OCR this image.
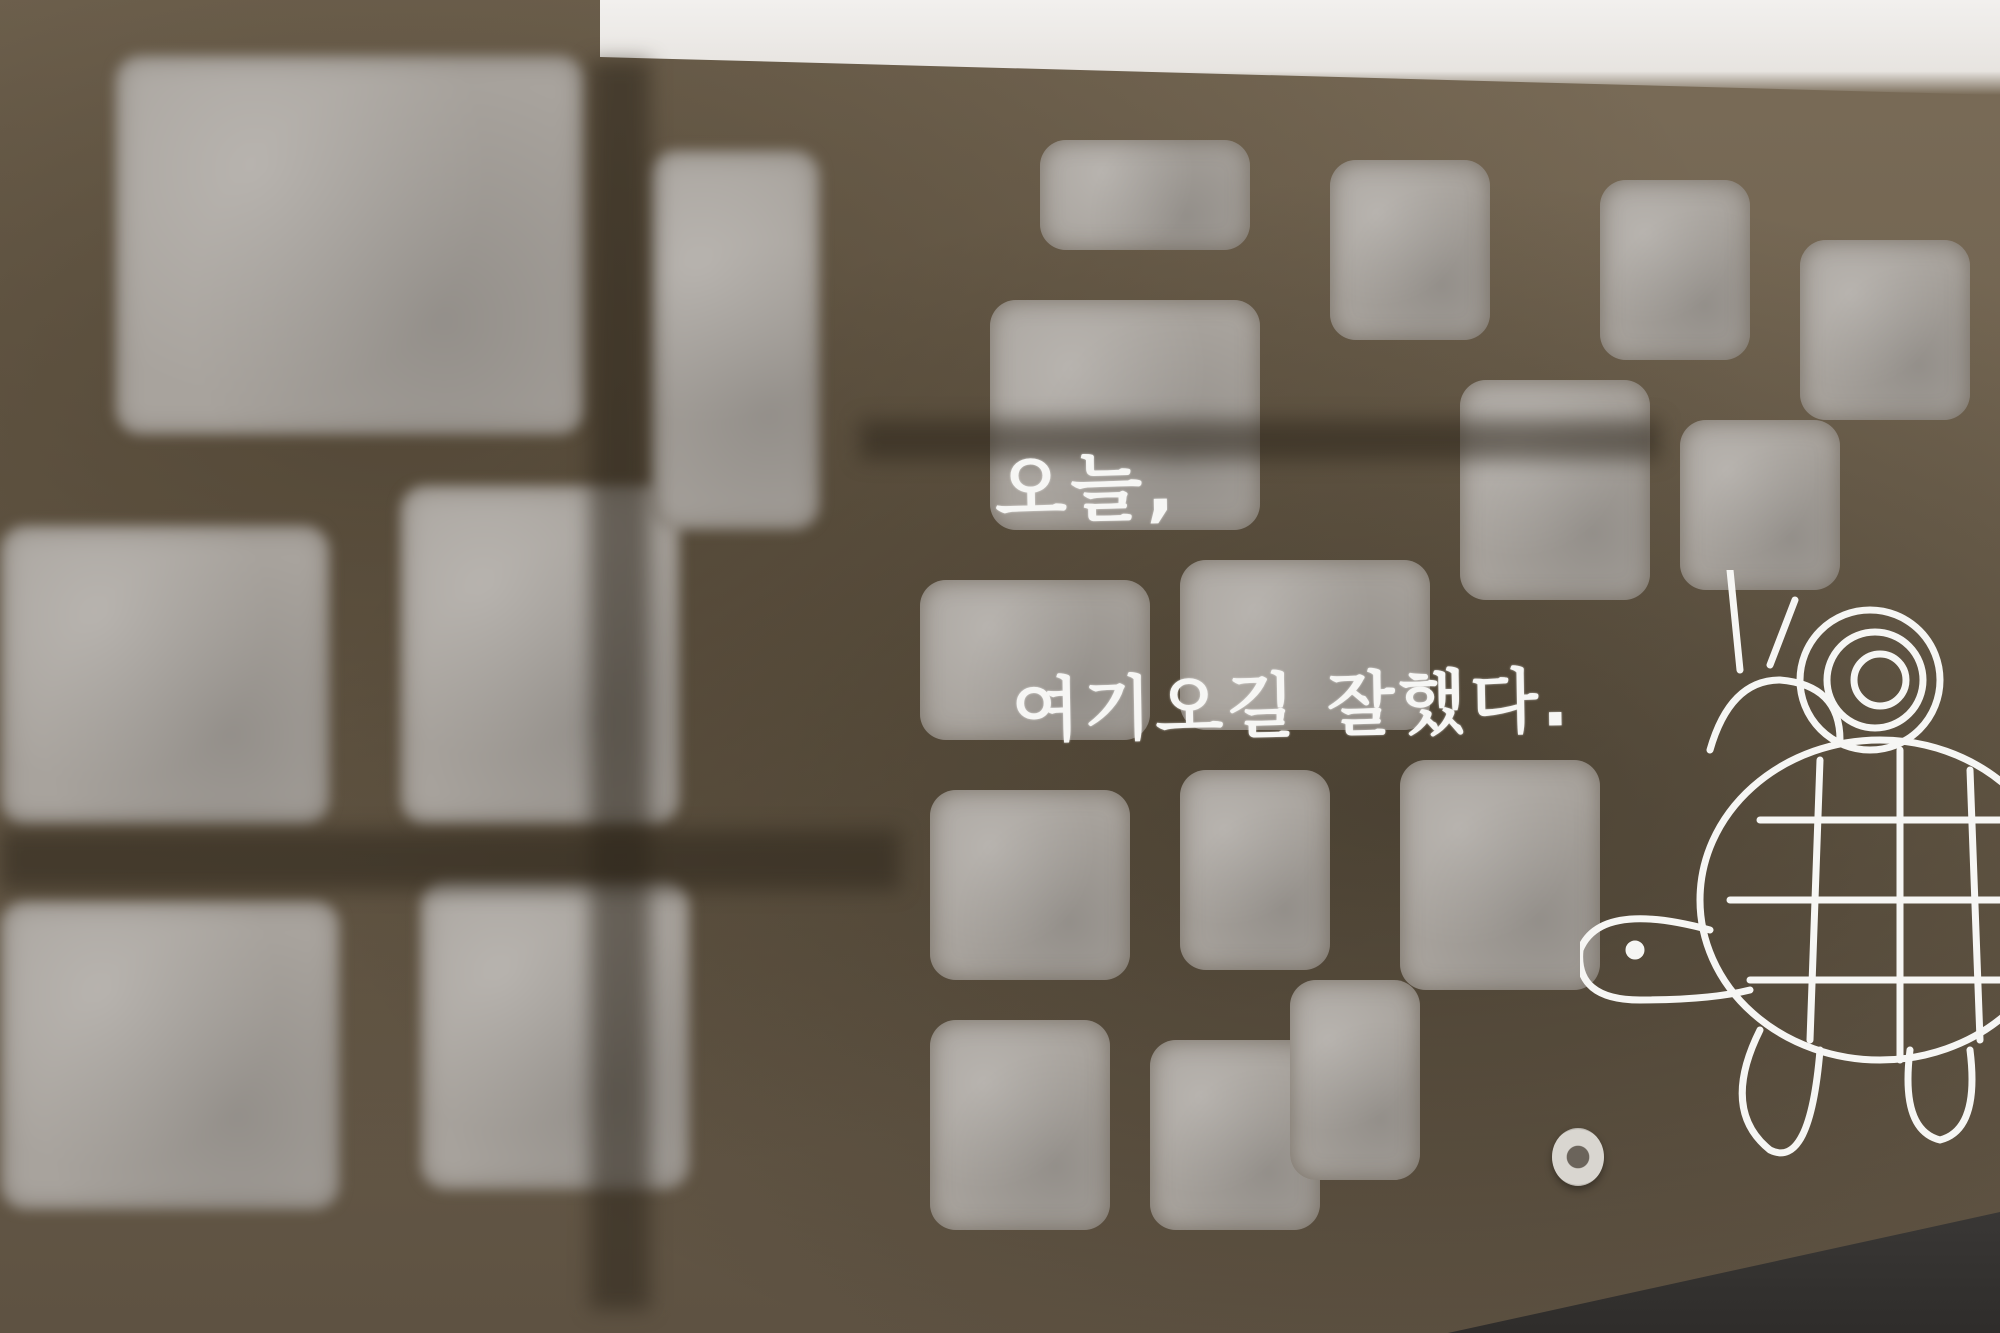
오늘,
여기오길 잘했다.
